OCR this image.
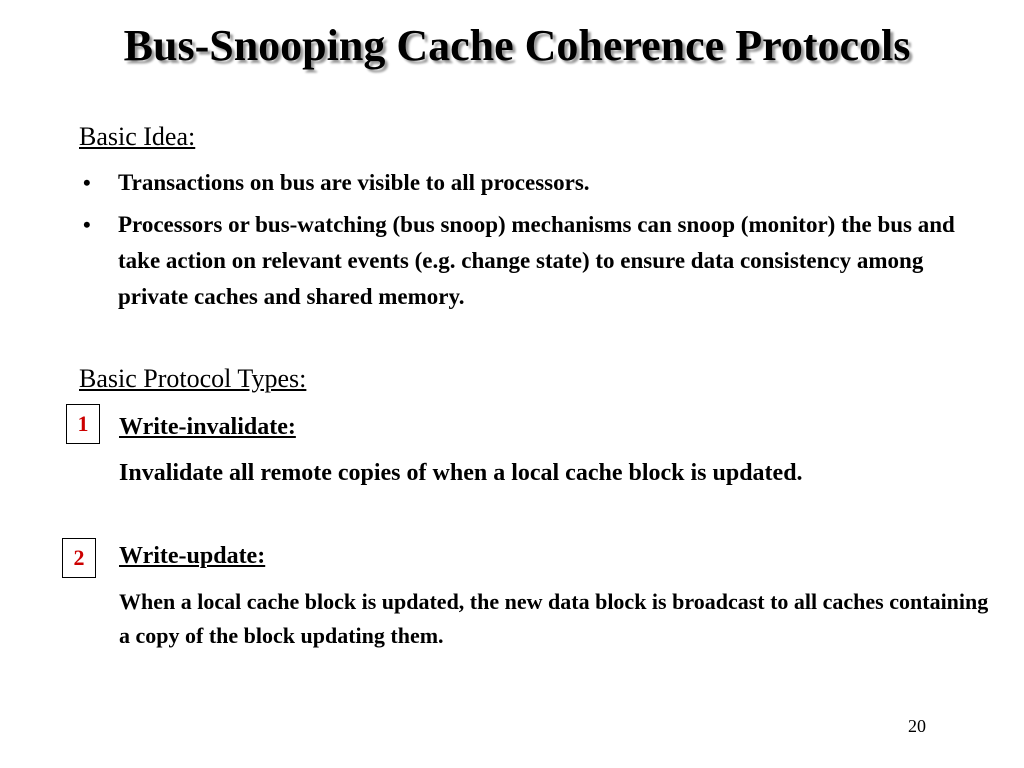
Bus-Snooping Cache Coherence Protocols

Basic Idea:

• Transactions on bus are visible to all processors.

• Processors or bus-watching (bus snoop) mechanisms can snoop (monitor) the bus and take action on relevant events (e.g. change state) to ensure data consistency among private caches and shared memory.

Basic Protocol Types:

1	Write-invalidate:

Invalidate all remote copies of when a local cache block is updated.

2	Write-update:

When a local cache block is updated, the new data block is broadcast to all caches containing a copy of the block updating them.

20
